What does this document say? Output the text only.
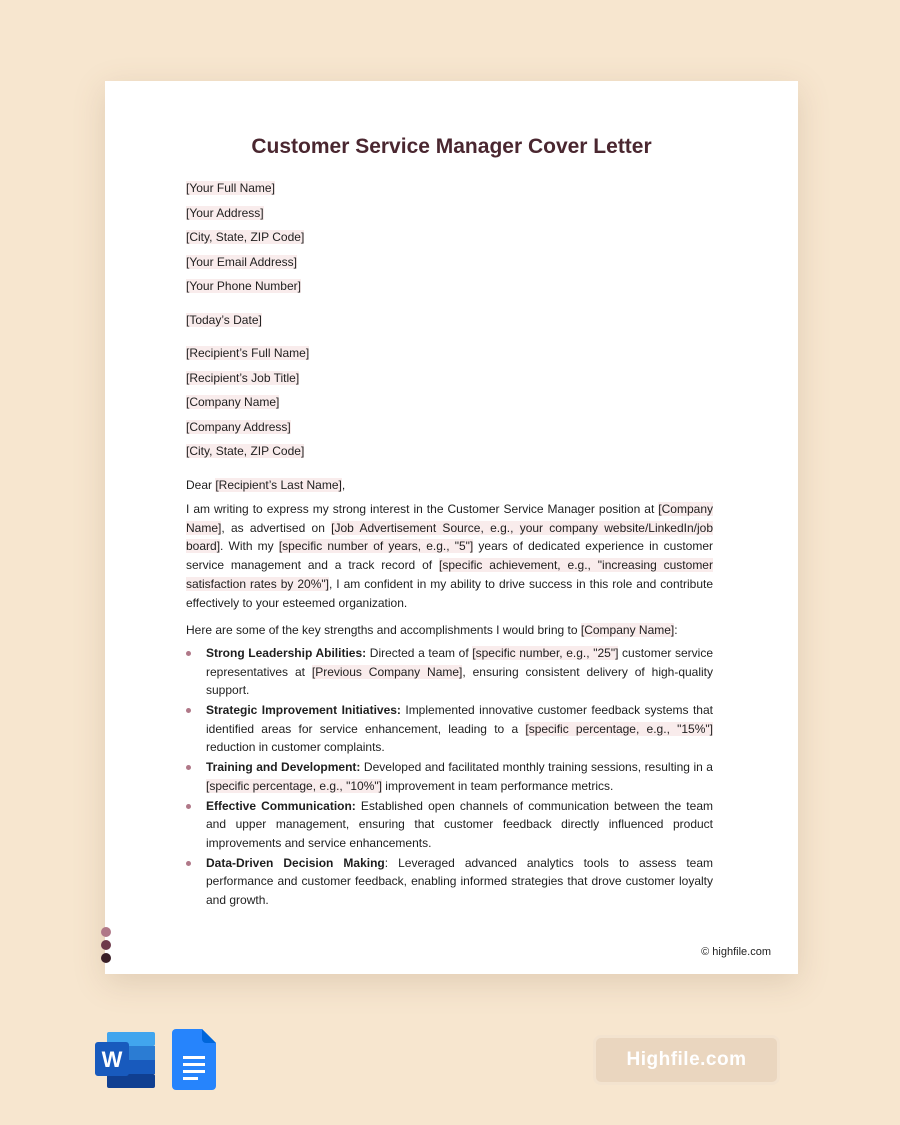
Customer Service Manager Cover Letter
[Your Full Name]
[Your Address]
[City, State, ZIP Code]
[Your Email Address]
[Your Phone Number]
[Today’s Date]
[Recipient’s Full Name]
[Recipient’s Job Title]
[Company Name]
[Company Address]
[City, State, ZIP Code]
Dear [Recipient’s Last Name],

I am writing to express my strong interest in the Customer Service Manager position at [Company Name], as advertised on [Job Advertisement Source, e.g., your company website/LinkedIn/job board]. With my [specific number of years, e.g., "5"] years of dedicated experience in customer service management and a track record of [specific achievement, e.g., "increasing customer satisfaction rates by 20%"], I am confident in my ability to drive success in this role and contribute effectively to your esteemed organization.

Here are some of the key strengths and accomplishments I would bring to [Company Name]:
Strong Leadership Abilities: Directed a team of [specific number, e.g., "25"] customer service representatives at [Previous Company Name], ensuring consistent delivery of high-quality support.
Strategic Improvement Initiatives: Implemented innovative customer feedback systems that identified areas for service enhancement, leading to a [specific percentage, e.g., "15%"] reduction in customer complaints.
Training and Development: Developed and facilitated monthly training sessions, resulting in a [specific percentage, e.g., "10%"] improvement in team performance metrics.
Effective Communication: Established open channels of communication between the team and upper management, ensuring that customer feedback directly influenced product improvements and service enhancements.
Data-Driven Decision Making: Leveraged advanced analytics tools to assess team performance and customer feedback, enabling informed strategies that drove customer loyalty and growth.
© highfile.com
W	Highfile.com
